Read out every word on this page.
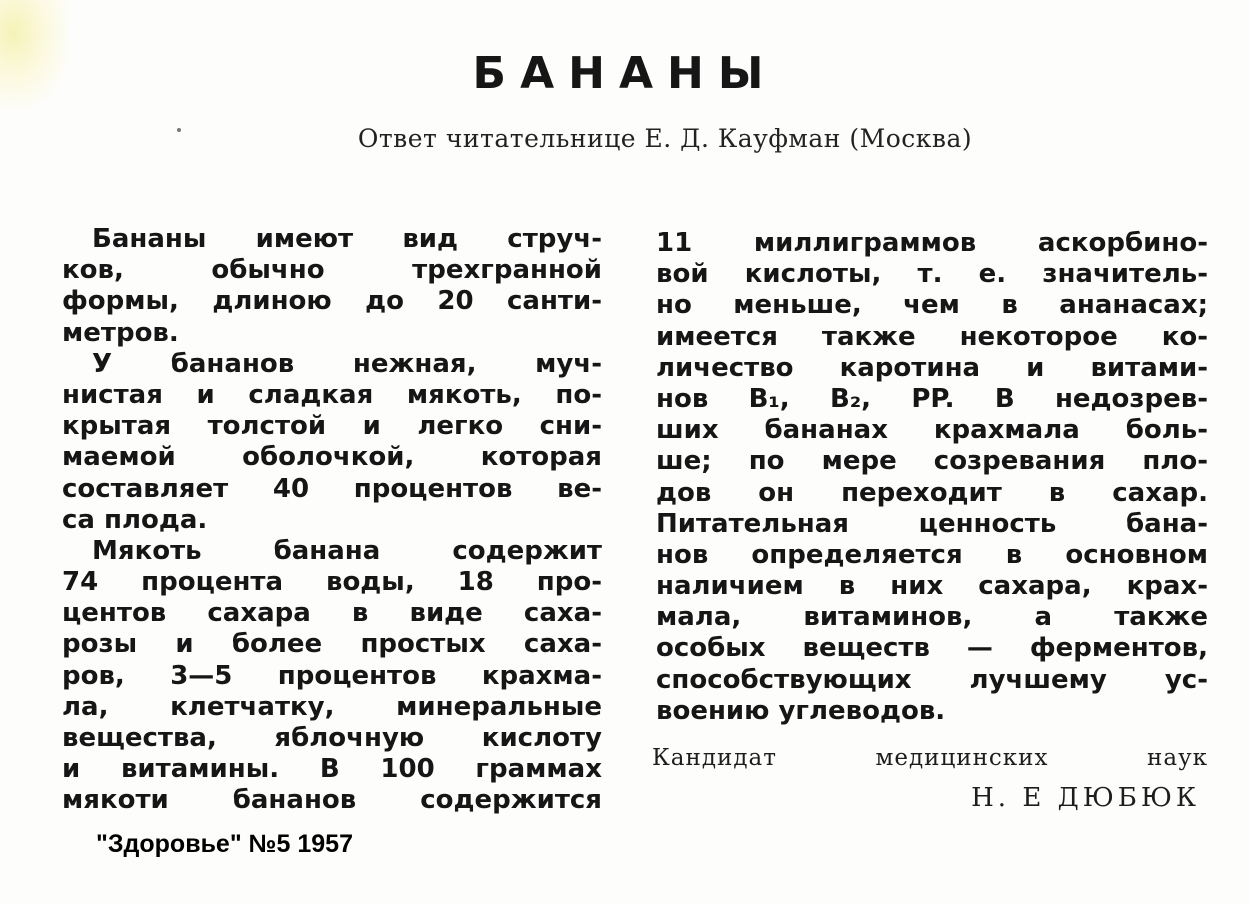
БАНАНЫ
Ответ читательнице Е. Д. Кауфман (Москва)
Бананы имеют вид струч-
ков, обычно трехгранной
формы, длиною до 20 санти-
метров.
У бананов нежная, муч-
нистая и сладкая мякоть, по-
крытая толстой и легко сни-
маемой оболочкой, которая
составляет 40 процентов ве-
са плода.
Мякоть банана содержит
74 процента воды, 18 про-
центов сахара в виде саха-
розы и более простых саха-
ров, 3—5 процентов крахма-
ла, клетчатку, минеральные
вещества, яблочную кислоту
и витамины. В 100 граммах
мякоти бананов содержится
11 миллиграммов аскорбино-
вой кислоты, т. е. значитель-
но меньше, чем в ананасах;
имеется также некоторое ко-
личество каротина и витами-
нов B₁, B₂, PP. В недозрев-
ших бананах крахмала боль-
ше; по мере созревания пло-
дов он переходит в сахар.
Питательная ценность бана-
нов определяется в основном
наличием в них сахара, крах-
мала, витаминов, а также
особых веществ — ферментов,
способствующих лучшему ус-
воению углеводов.
Кандидат медицинских наук
Н. Е ДЮБЮК
"Здоровье" №5 1957
